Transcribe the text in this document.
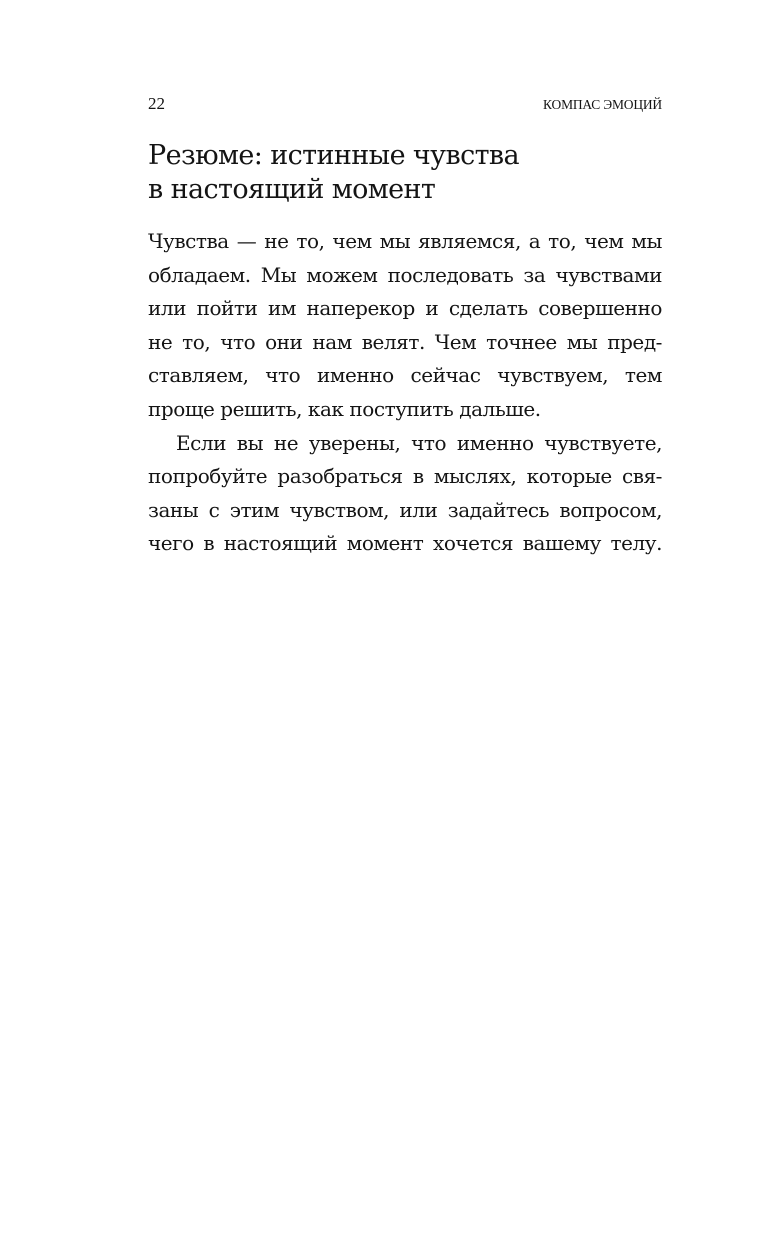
22	КОМПАС ЭМОЦИЙ
Резюме: истинные чувства
в настоящий момент

Чувства — не то, чем мы являемся, а то, чем мы
обладаем. Мы можем последовать за чувствами
или пойти им наперекор и сделать совершенно
не то, что они нам велят. Чем точнее мы пред-
ставляем, что именно сейчас чувствуем, тем
проще решить, как поступить дальше.

Если вы не уверены, что именно чувствуете,
попробуйте разобраться в мыслях, которые свя-
заны с этим чувством, или задайтесь вопросом,
чего в настоящий момент хочется вашему телу.
